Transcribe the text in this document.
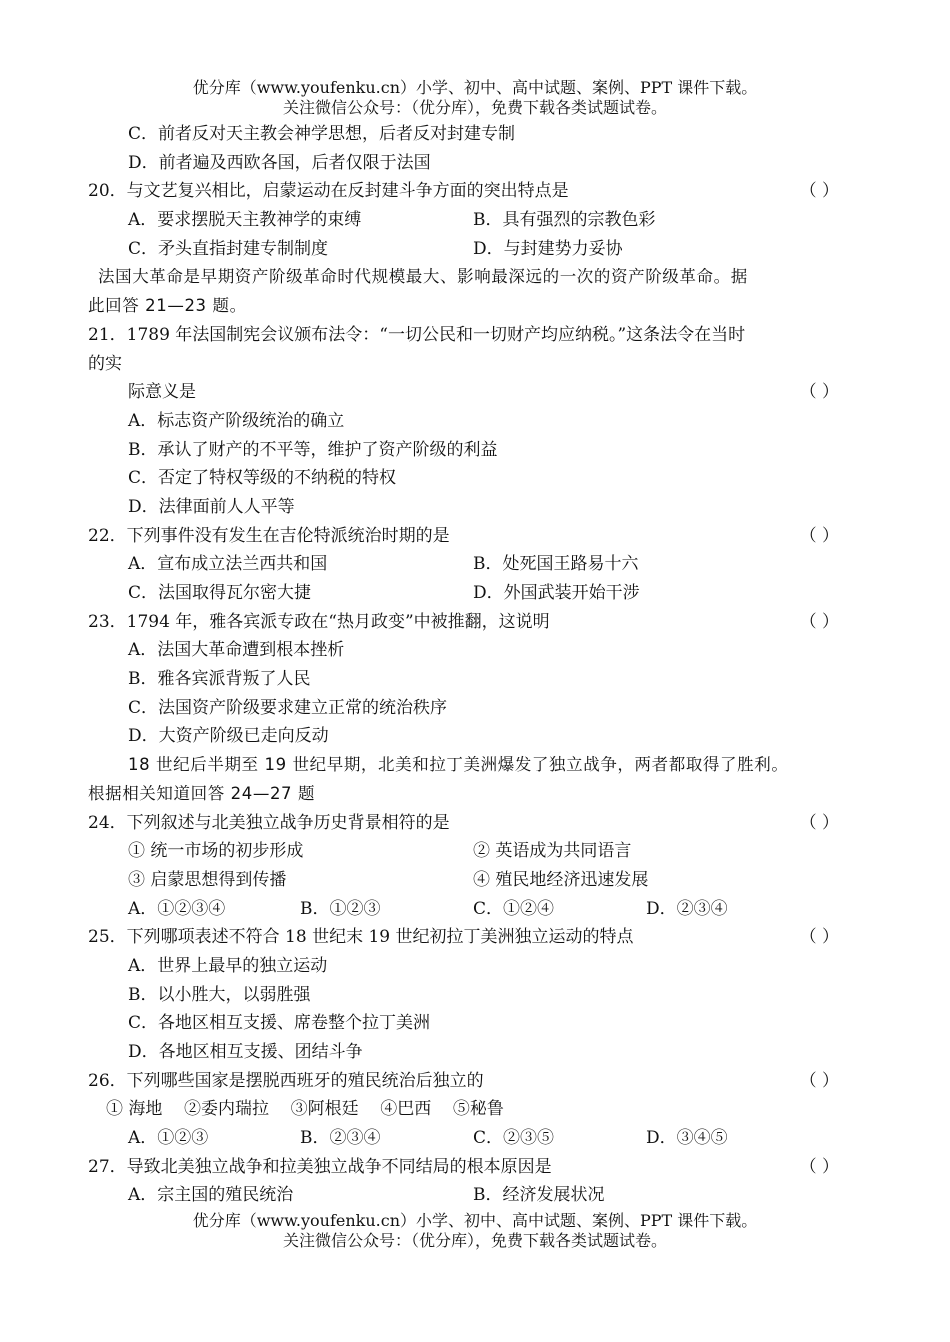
优分库（www.youfenku.cn）小学、初中、高中试题、案例、PPT 课件下载。
关注微信公众号：（优分库），免费下载各类试题试卷。
C．前者反对天主教会神学思想，后者反对封建专制
D．前者遍及西欧各国，后者仅限于法国
20．与文艺复兴相比，启蒙运动在反封建斗争方面的突出特点是	（ ）
A．要求摆脱天主教神学的束缚	B．具有强烈的宗教色彩
C．矛头直指封建专制制度	D．与封建势力妥协
法国大革命是早期资产阶级革命时代规模最大、影响最深远的一次的资产阶级革命。据
此回答 21—23 题。
21．1789 年法国制宪会议颁布法令：“一切公民和一切财产均应纳税。”这条法令在当时
的实
际意义是	（ ）
A．标志资产阶级统治的确立
B．承认了财产的不平等，维护了资产阶级的利益
C．否定了特权等级的不纳税的特权
D．法律面前人人平等
22．下列事件没有发生在吉伦特派统治时期的是	（ ）
A．宣布成立法兰西共和国	B．处死国王路易十六
C．法国取得瓦尔密大捷	D．外国武装开始干涉
23．1794 年，雅各宾派专政在“热月政变”中被推翻，这说明	（ ）
A．法国大革命遭到根本挫析
B．雅各宾派背叛了人民
C．法国资产阶级要求建立正常的统治秩序
D．大资产阶级已走向反动
18 世纪后半期至 19 世纪早期，北美和拉丁美洲爆发了独立战争，两者都取得了胜利。
根据相关知道回答 24—27 题
24．下列叙述与北美独立战争历史背景相符的是	（ ）
① 统一市场的初步形成	② 英语成为共同语言
③ 启蒙思想得到传播	④ 殖民地经济迅速发展
A．①②③④	B．①②③	C．①②④	D．②③④
25．下列哪项表述不符合 18 世纪末 19 世纪初拉丁美洲独立运动的特点	（ ）
A．世界上最早的独立运动
B．以小胜大，以弱胜强
C．各地区相互支援、席卷整个拉丁美洲
D．各地区相互支援、团结斗争
26．下列哪些国家是摆脱西班牙的殖民统治后独立的	（ ）
① 海地    ②委内瑞拉    ③阿根廷    ④巴西    ⑤秘鲁
A．①②③	B．②③④	C．②③⑤	D．③④⑤
27．导致北美独立战争和拉美独立战争不同结局的根本原因是	（ ）
A．宗主国的殖民统治	B．经济发展状况
优分库（www.youfenku.cn）小学、初中、高中试题、案例、PPT 课件下载。
关注微信公众号：（优分库），免费下载各类试题试卷。
